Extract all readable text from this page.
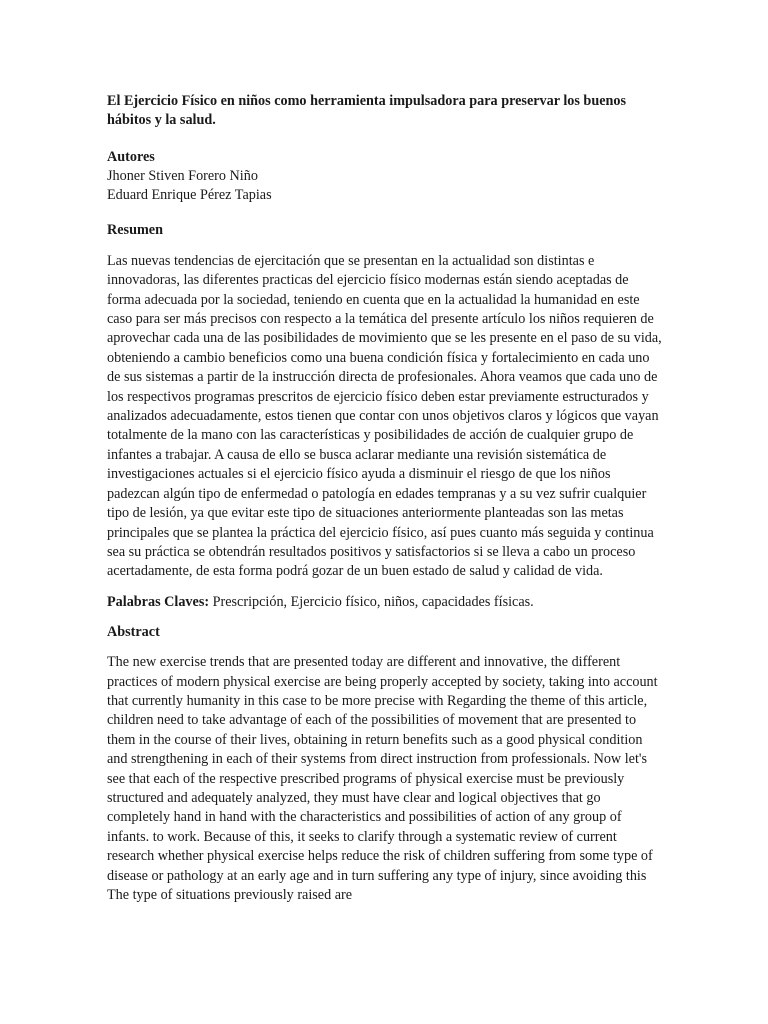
El Ejercicio Físico en niños como herramienta impulsadora para preservar los buenos hábitos y la salud.

Autores

Jhoner Stiven Forero Niño
Eduard Enrique Pérez Tapias

Resumen

Las nuevas tendencias de ejercitación que se presentan en la actualidad son distintas e innovadoras, las diferentes practicas del ejercicio físico modernas están siendo aceptadas de forma adecuada por la sociedad, teniendo en cuenta que en la actualidad la humanidad en este caso para ser más precisos con respecto a la temática del presente artículo los niños requieren de aprovechar cada una de las posibilidades de movimiento que se les presente en el paso de su vida, obteniendo a cambio beneficios como una buena condición física y fortalecimiento en cada uno de sus sistemas a partir de la instrucción directa de profesionales. Ahora veamos que cada uno de los respectivos programas prescritos de ejercicio físico deben estar previamente estructurados y analizados adecuadamente, estos tienen que contar con unos objetivos claros y lógicos que vayan totalmente de la mano con las características y posibilidades de acción de cualquier grupo de infantes a trabajar. A causa de ello se busca aclarar mediante una revisión sistemática de investigaciones actuales si el ejercicio físico ayuda a disminuir el riesgo de que los niños padezcan algún tipo de enfermedad o patología en edades tempranas y a su vez sufrir cualquier tipo de lesión, ya que evitar este tipo de situaciones anteriormente planteadas son las metas principales que se plantea la práctica del ejercicio físico, así pues cuanto más seguida y continua sea su práctica se obtendrán resultados positivos y satisfactorios si se lleva a cabo un proceso acertadamente, de esta forma podrá gozar de un buen estado de salud y calidad de vida.

Palabras Claves: Prescripción, Ejercicio físico, niños, capacidades físicas.

Abstract

The new exercise trends that are presented today are different and innovative, the different practices of modern physical exercise are being properly accepted by society, taking into account that currently humanity in this case to be more precise with Regarding the theme of this article, children need to take advantage of each of the possibilities of movement that are presented to them in the course of their lives, obtaining in return benefits such as a good physical condition and strengthening in each of their systems from direct instruction from professionals. Now let's see that each of the respective prescribed programs of physical exercise must be previously structured and adequately analyzed, they must have clear and logical objectives that go completely hand in hand with the characteristics and possibilities of action of any group of infants. to work. Because of this, it seeks to clarify through a systematic review of current research whether physical exercise helps reduce the risk of children suffering from some type of disease or pathology at an early age and in turn suffering any type of injury, since avoiding this The type of situations previously raised are
